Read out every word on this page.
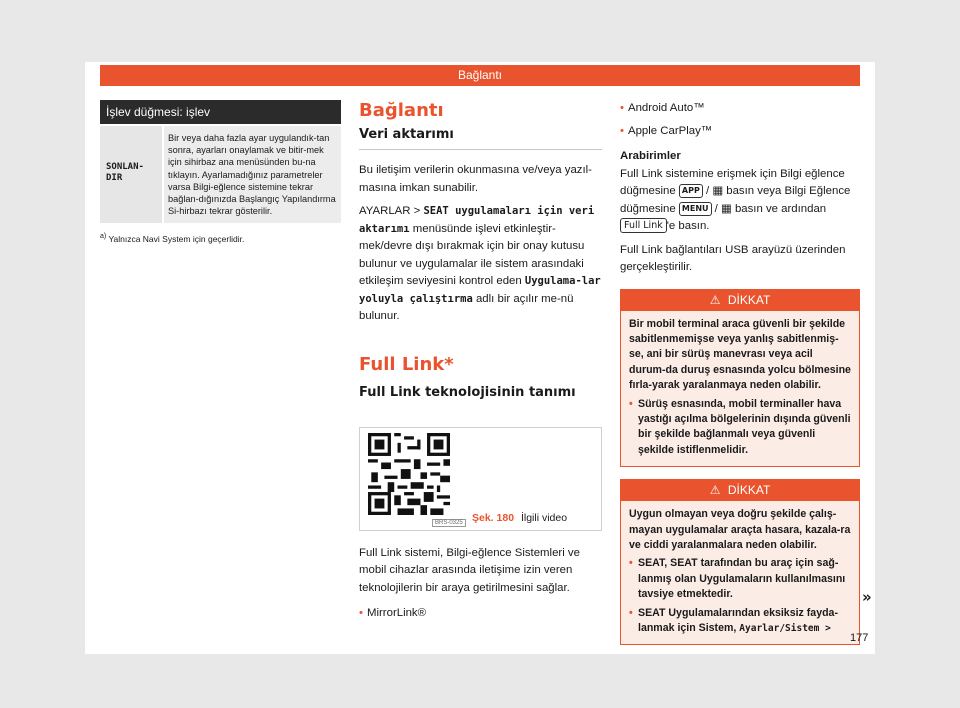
Bağlantı
İşlev düğmesi: işlev
SONLAN-
DIR
Bir veya daha fazla ayar uygulandık-tan sonra, ayarları onaylamak ve bitir-mek için sihirbaz ana menüsünden bu-na tıklayın. Ayarlamadığınız parametreler varsa Bilgi-eğlence sistemine tekrar bağlan-dığınızda Başlangıç Yapılandırma Si-hirbazı tekrar gösterilir.
$^{a)}$ Yalnızca Navi System için geçerlidir.
Bağlantı
Veri aktarımı

Bu iletişim verilerin okunmasına ve/veya yazıl-masına imkan sunabilir.

AYARLAR > SEAT uygulamaları için veri aktarımı menüsünde işlevi etkinleştir-mek/devre dışı bırakmak için bir onay kutusu bulunur ve uygulamalar ile sistem arasındaki etkileşim seviyesini kontrol eden Uygulama-lar yoluyla çalıştırma adlı bir açılır me-nü bulunur.

Full Link*
Full Link teknolojisinin tanımı
BRS-0325 Şek. 180 İlgili video

Full Link sistemi, Bilgi-eğlence Sistemleri ve mobil cihazlar arasında iletişime izin veren teknolojilerin bir araya getirilmesini sağlar.

• MirrorLink®

• Android Auto™

• Apple CarPlay™

Arabirimler

Full Link sistemine erişmek için Bilgi eğlence düğmesine APP / ▦ basın veya Bilgi Eğlence düğmesine MENU / ▦ basın ve ardından Full Link 'e basın.

Full Link bağlantıları USB arayüzü üzerinden gerçekleştirilir.

⚠ DİKKAT
Bir mobil terminal araca güvenli bir şekilde sabitlenmemişse veya yanlış sabitlenmiş-se, ani bir sürüş manevrası veya acil durum-da duruş esnasında yolcu bölmesine fırla-yarak yaralanmaya neden olabilir.
• Sürüş esnasında, mobil terminaller hava yastığı açılma bölgelerinin dışında güvenli bir şekilde bağlanmalı veya güvenli şekilde istiflenmelidir.
⚠ DİKKAT
Uygun olmayan veya doğru şekilde çalış-mayan uygulamalar araçta hasara, kazala-ra ve ciddi yaralanmalara neden olabilir.
• SEAT, SEAT tarafından bu araç için sağ-lanmış olan Uygulamaların kullanılmasını tavsiye etmektedir.
• SEAT Uygulamalarından eksiksiz fayda-lanmak için Sistem, Ayarlar/Sistem >
»
177
